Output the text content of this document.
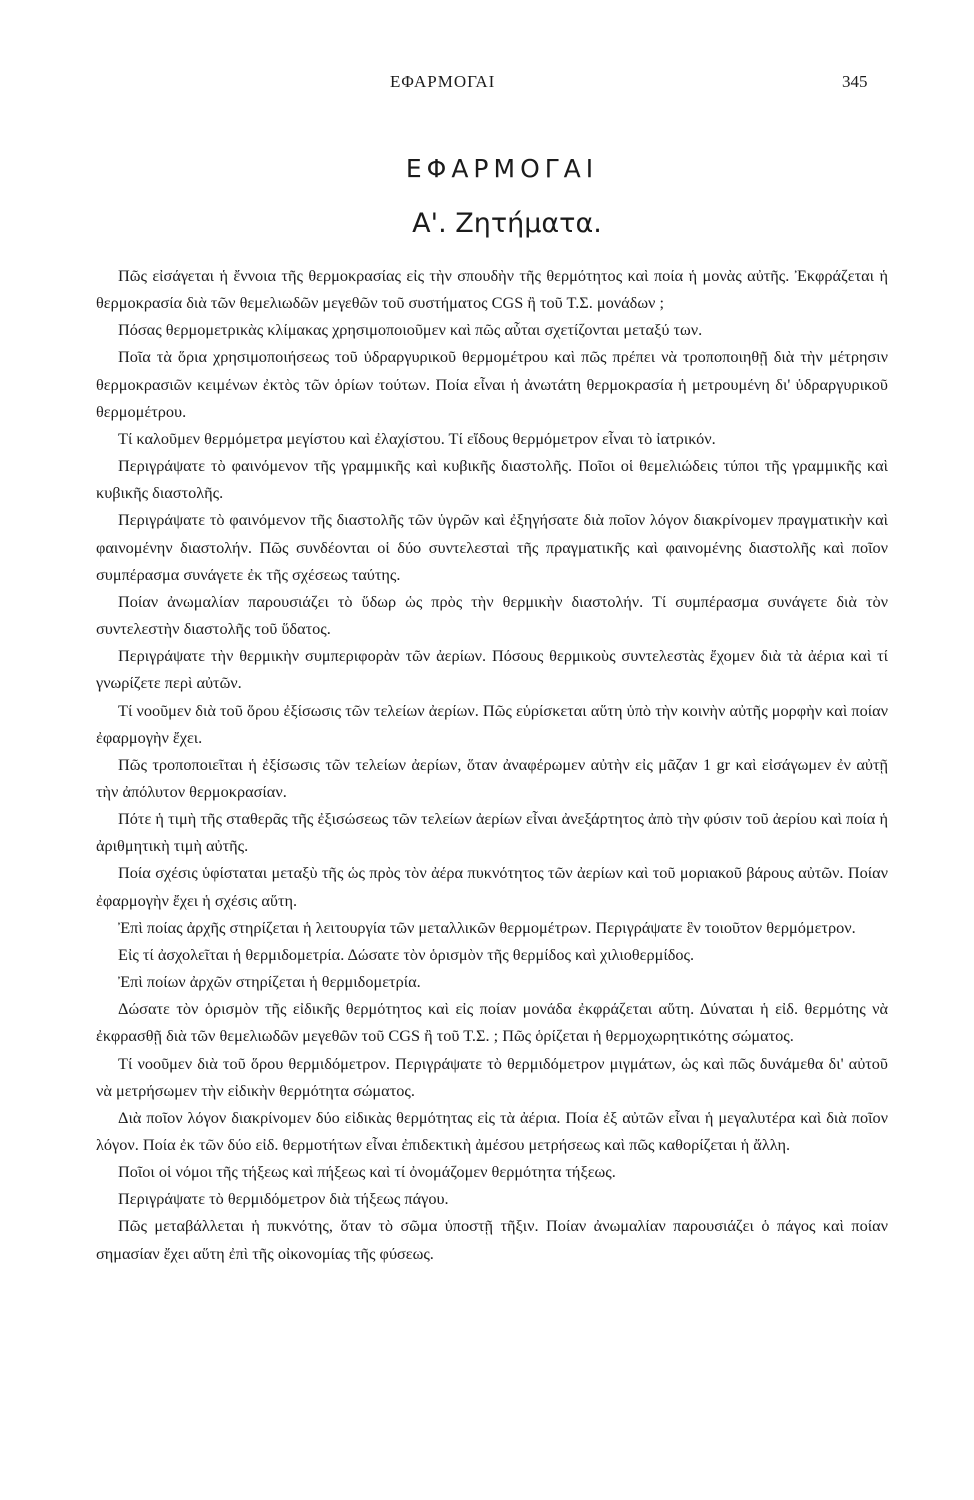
ΕΦΑΡΜΟΓΑΙ	345
ΕΦΑΡΜΟΓΑΙ
Α'. Ζητήματα.

Πῶς εἰσάγεται ἡ ἔννοια τῆς θερμοκρασίας εἰς τὴν σπουδὴν τῆς θερμότητος καὶ ποία ἡ μονὰς αὐτῆς. Ἐκφράζεται ἡ θερμοκρασία διὰ τῶν θεμελιωδῶν μεγεθῶν τοῦ συστήματος CGS ἢ τοῦ Τ.Σ. μονάδων ;

Πόσας θερμομετρικὰς κλίμακας χρησιμοποιοῦμεν καὶ πῶς αὗται σχετίζονται μεταξύ των.

Ποῖα τὰ ὅρια χρησιμοποιήσεως τοῦ ὑδραργυρικοῦ θερμομέτρου καὶ πῶς πρέπει νὰ τροποποιηθῇ διὰ τὴν μέτρησιν θερμοκρασιῶν κειμένων ἐκτὸς τῶν ὁρίων τούτων. Ποία εἶναι ἡ ἀνωτάτη θερμοκρασία ἡ μετρουμένη δι' ὑδραργυρικοῦ θερμομέτρου.

Τί καλοῦμεν θερμόμετρα μεγίστου καὶ ἐλαχίστου. Τί εἴδους θερμόμετρον εἶναι τὸ ἰατρικόν.

Περιγράψατε τὸ φαινόμενον τῆς γραμμικῆς καὶ κυβικῆς διαστολῆς. Ποῖοι οἱ θεμελιώδεις τύποι τῆς γραμμικῆς καὶ κυβικῆς διαστολῆς.

Περιγράψατε τὸ φαινόμενον τῆς διαστολῆς τῶν ὑγρῶν καὶ ἐξηγήσατε διὰ ποῖον λόγον διακρίνομεν πραγματικὴν καὶ φαινομένην διαστολήν. Πῶς συνδέονται οἱ δύο συντελεσταὶ τῆς πραγματικῆς καὶ φαινομένης διαστολῆς καὶ ποῖον συμπέρασμα συνάγετε ἐκ τῆς σχέσεως ταύτης.

Ποίαν ἀνωμαλίαν παρουσιάζει τὸ ὕδωρ ὡς πρὸς τὴν θερμικὴν διαστολήν. Τί συμπέρασμα συνάγετε διὰ τὸν συντελεστὴν διαστολῆς τοῦ ὕδατος.

Περιγράψατε τὴν θερμικὴν συμπεριφορὰν τῶν ἀερίων. Πόσους θερμικοὺς συντελεστὰς ἔχομεν διὰ τὰ ἀέρια καὶ τί γνωρίζετε περὶ αὐτῶν.

Τί νοοῦμεν διὰ τοῦ ὅρου ἐξίσωσις τῶν τελείων ἀερίων. Πῶς εὑρίσκεται αὕτη ὑπὸ τὴν κοινὴν αὐτῆς μορφὴν καὶ ποίαν ἐφαρμογὴν ἔχει.

Πῶς τροποποιεῖται ἡ ἐξίσωσις τῶν τελείων ἀερίων, ὅταν ἀναφέρωμεν αὐτὴν εἰς μᾶζαν 1 gr καὶ εἰσάγωμεν ἐν αὐτῇ τὴν ἀπόλυτον θερμοκρασίαν.

Πότε ἡ τιμὴ τῆς σταθερᾶς τῆς ἐξισώσεως τῶν τελείων ἀερίων εἶναι ἀνεξάρτητος ἀπὸ τὴν φύσιν τοῦ ἀερίου καὶ ποία ἡ ἀριθμητικὴ τιμὴ αὐτῆς.

Ποία σχέσις ὑφίσταται μεταξὺ τῆς ὡς πρὸς τὸν ἀέρα πυκνότητος τῶν ἀερίων καὶ τοῦ μοριακοῦ βάρους αὐτῶν. Ποίαν ἐφαρμογὴν ἔχει ἡ σχέσις αὕτη.

Ἐπὶ ποίας ἀρχῆς στηρίζεται ἡ λειτουργία τῶν μεταλλικῶν θερμομέτρων. Περιγράψατε ἓν τοιοῦτον θερμόμετρον.

Εἰς τί ἀσχολεῖται ἡ θερμιδομετρία. Δώσατε τὸν ὁρισμὸν τῆς θερμίδος καὶ χιλιοθερμίδος.

Ἐπὶ ποίων ἀρχῶν στηρίζεται ἡ θερμιδομετρία.

Δώσατε τὸν ὁρισμὸν τῆς εἰδικῆς θερμότητος καὶ εἰς ποίαν μονάδα ἐκφράζεται αὕτη. Δύναται ἡ εἰδ. θερμότης νὰ ἐκφρασθῇ διὰ τῶν θεμελιωδῶν μεγεθῶν τοῦ CGS ἢ τοῦ Τ.Σ. ; Πῶς ὁρίζεται ἡ θερμοχωρητικότης σώματος.

Τί νοοῦμεν διὰ τοῦ ὅρου θερμιδόμετρον. Περιγράψατε τὸ θερμιδόμετρον μιγμάτων, ὡς καὶ πῶς δυνάμεθα δι' αὐτοῦ νὰ μετρήσωμεν τὴν εἰδικὴν θερμότητα σώματος.

Διὰ ποῖον λόγον διακρίνομεν δύο εἰδικὰς θερμότητας εἰς τὰ ἀέρια. Ποία ἐξ αὐτῶν εἶναι ἡ μεγαλυτέρα καὶ διὰ ποῖον λόγον. Ποία ἐκ τῶν δύο εἰδ. θερμοτήτων εἶναι ἐπιδεκτικὴ ἀμέσου μετρήσεως καὶ πῶς καθορίζεται ἡ ἄλλη.

Ποῖοι οἱ νόμοι τῆς τήξεως καὶ πήξεως καὶ τί ὀνομάζομεν θερμότητα τήξεως.

Περιγράψατε τὸ θερμιδόμετρον διὰ τήξεως πάγου.

Πῶς μεταβάλλεται ἡ πυκνότης, ὅταν τὸ σῶμα ὑποστῇ τῆξιν. Ποίαν ἀνωμαλίαν παρουσιάζει ὁ πάγος καὶ ποίαν σημασίαν ἔχει αὕτη ἐπὶ τῆς οἰκονομίας τῆς φύσεως.
